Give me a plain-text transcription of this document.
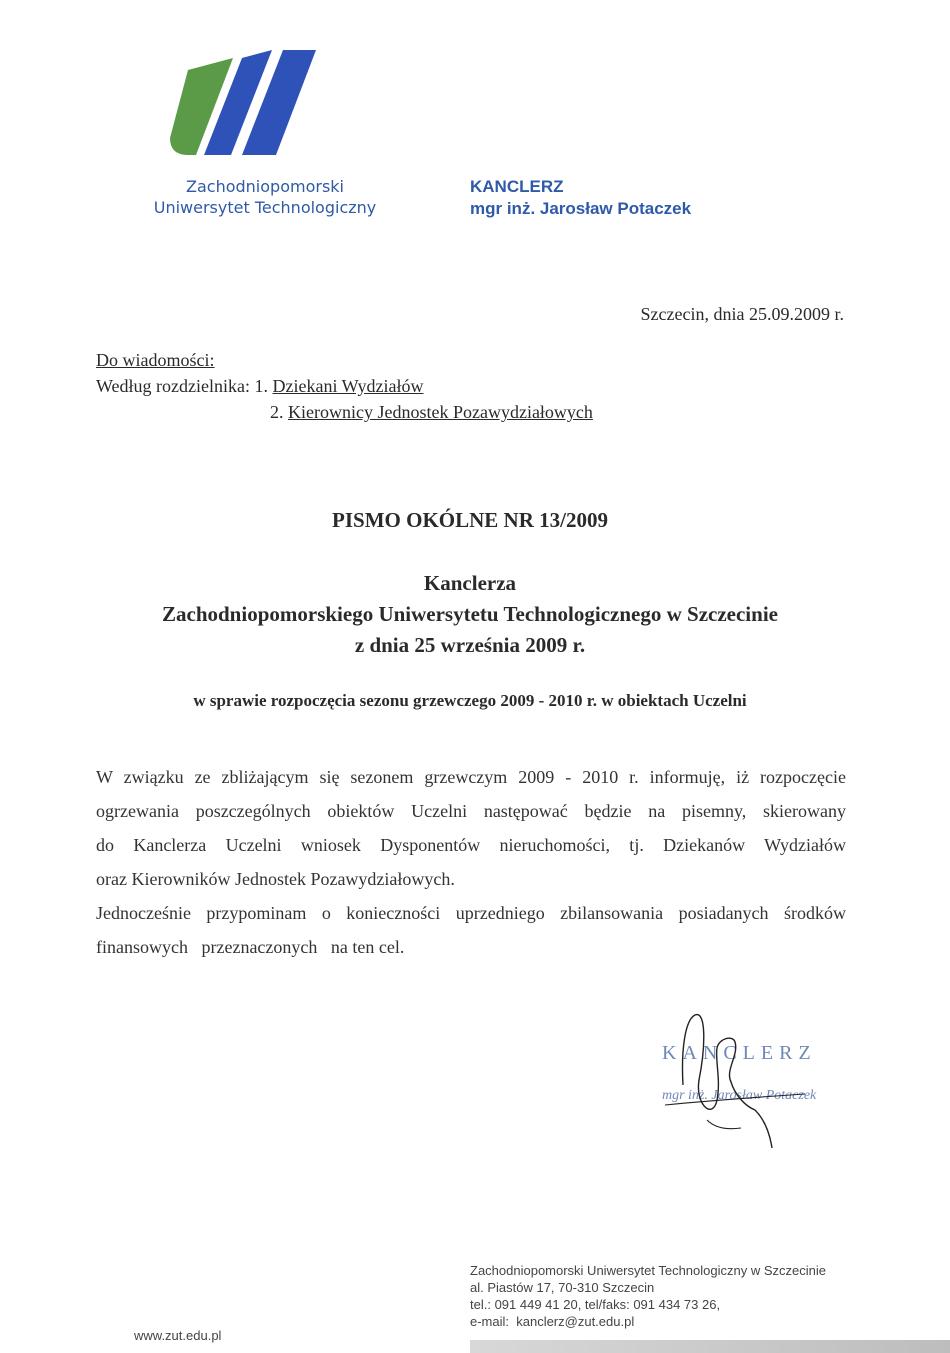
Zachodniopomorski
Uniwersytet Technologiczny
KANCLERZ
mgr inż. Jarosław Potaczek
Szczecin, dnia 25.09.2009 r.
Do wiadomości:
Według rozdzielnika: 1. Dziekani Wydziałów
2. Kierownicy Jednostek Pozawydziałowych
PISMO OKÓLNE NR 13/2009
Kanclerza
Zachodniopomorskiego Uniwersytetu Technologicznego w Szczecinie
z dnia 25 września 2009 r.
w sprawie rozpoczęcia sezonu grzewczego 2009 - 2010 r. w obiektach Uczelni

W związku ze zbliżającym się sezonem grzewczym 2009 - 2010 r. informuję, iż rozpoczęcie

ogrzewania poszczególnych obiektów Uczelni następować będzie na pisemny, skierowany

do Kanclerza Uczelni wniosek Dysponentów nieruchomości, tj. Dziekanów Wydziałów

oraz Kierowników Jednostek Pozawydziałowych.

Jednocześnie przypominam o konieczności uprzedniego zbilansowania posiadanych środków

finansowych   przeznaczonych   na ten cel.

KANCLERZ
mgr inż. Jarosław Potaczek
Zachodniopomorski Uniwersytet Technologiczny w Szczecinie
al. Piastów 17, 70-310 Szczecin
tel.: 091 449 41 20, tel/faks: 091 434 73 26,
e-mail:  kanclerz@zut.edu.pl
www.zut.edu.pl
